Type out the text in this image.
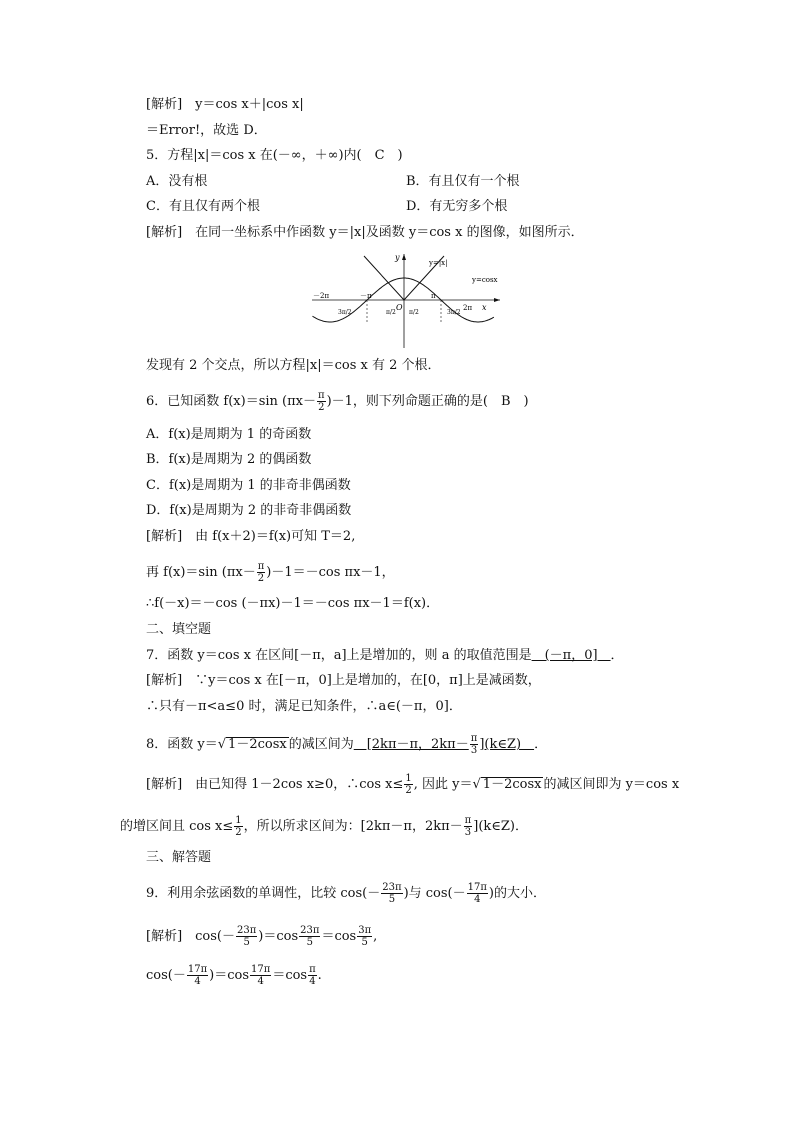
[解析]　y＝cos x＋|cos x|
＝Error!，故选 D．
5．方程|x|＝cos x 在(－∞，＋∞)内(　C　)
A．没有根	B．有且仅有一个根
C．有且仅有两个根	D．有无穷多个根
[解析]　在同一坐标系中作函数 y＝|x|及函数 y＝cos x 的图像，如图所示．
y
x
O
y=|x|
y=cosx
－2π	－π	π
2π
3π/2	π/2 π/2	3π/2
发现有 2 个交点，所以方程|x|＝cos x 有 2 个根．
6．已知函数 f(x)＝sin $(\pi x- \frac{\pi}{2} )-1$，则下列命题正确的是(　B　)
A．f(x)是周期为 1 的奇函数
B．f(x)是周期为 2 的偶函数
C．f(x)是周期为 1 的非奇非偶函数
D．f(x)是周期为 2 的非奇非偶函数
[解析]　由 f(x＋2)＝f(x)可知 T＝2,
再 f(x)＝sin $(\pi x- \frac{\pi}{2} )-1=-\cos$ πx－1，
∴f(－x)＝－cos (－πx)－1＝－cos πx－1＝f(x)．
二、填空题
7．函数 y＝cos x 在区间[－π，a]上是增加的，则 a 的取值范围是　(－π，0]　．
[解析]　∵y＝cos x 在[－π，0]上是增加的，在[0，π]上是减函数，
∴只有－π<a≤0 时，满足已知条件，∴a∈(－π，0]．
8．函数 y＝√ 1－2cosx 的减区间为　[2kπ－π，$2k\pi- \frac{\pi}{3}$ ](k∈Z)　．
[解析]　由已知得 1－2cos x≥0，∴cos $x\le \frac{1}{2}$ , 因此 y＝√ 1－2cosx 的减区间即为 y＝cos x
的增区间且 $\cos x\le \frac{1}{2}$ ，所以所求区间为：[2kπ－π，$2k\pi- \frac{\pi}{3}$ ](k∈Z)．
三、解答题
9．利用余弦函数的单调性，比较 $\cos(- \frac{23\pi}{5}$ )与 $\cos(- \frac{17\pi}{4}$ )的大小．
[解析]　$\cos(- \frac{23\pi}{5} )=\cos \frac{23\pi}{5} =\cos \frac{3\pi}{5}$ ,
$\cos(- \frac{17\pi}{4} )=\cos \frac{17\pi}{4} =\cos \frac{\pi}{4}$ .
